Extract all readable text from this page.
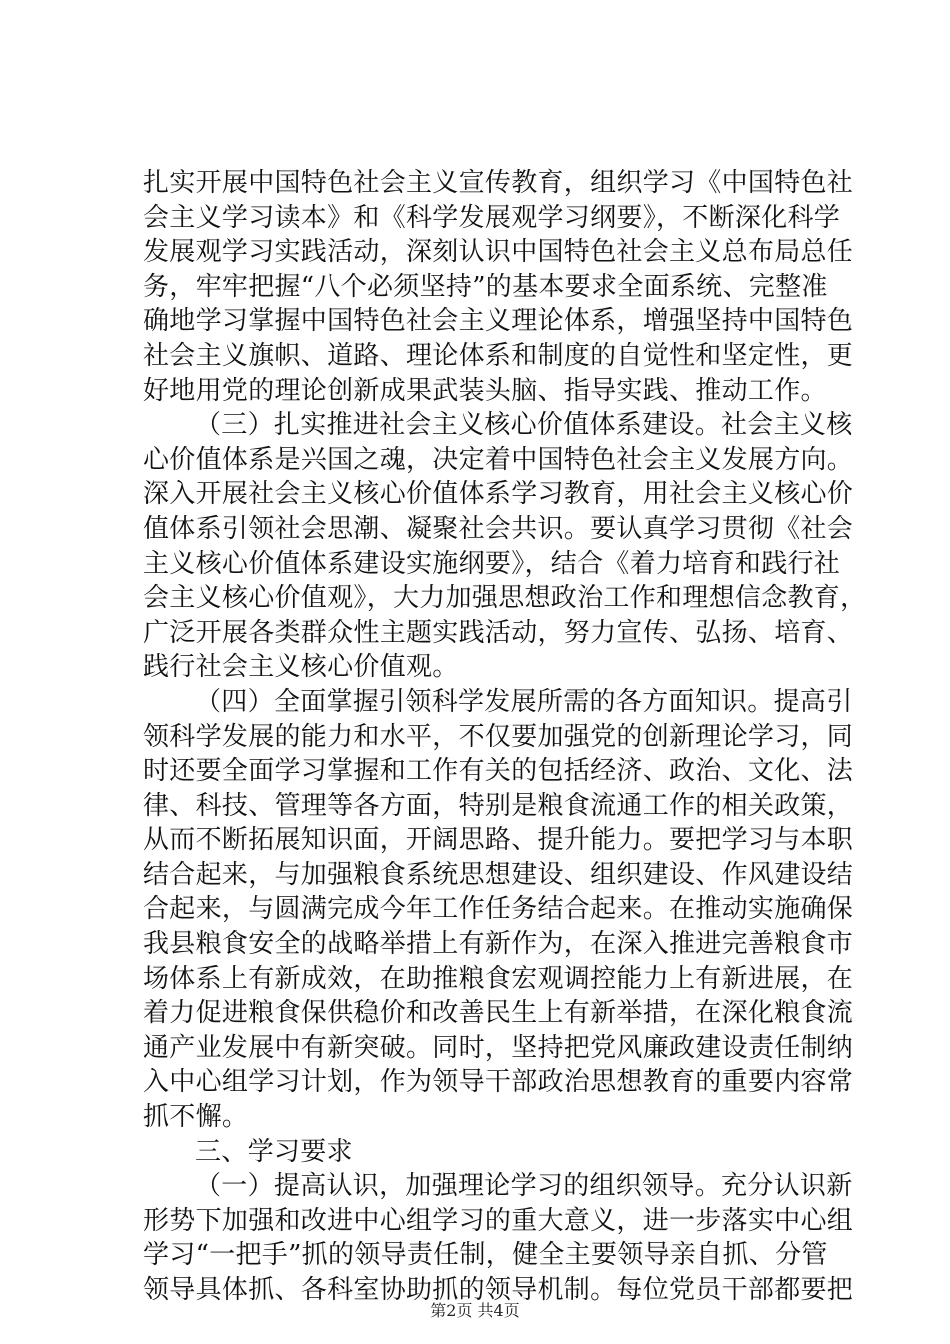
扎实开展中国特色社会主义宣传教育，组织学习《中国特色社
会主义学习读本》和《科学发展观学习纲要》，不断深化科学
发展观学习实践活动，深刻认识中国特色社会主义总布局总任
务，牢牢把握“八个必须坚持”的基本要求全面系统、完整准
确地学习掌握中国特色社会主义理论体系，增强坚持中国特色
社会主义旗帜、道路、理论体系和制度的自觉性和坚定性，更
好地用党的理论创新成果武装头脑、指导实践、推动工作。
（三）扎实推进社会主义核心价值体系建设。社会主义核
心价值体系是兴国之魂，决定着中国特色社会主义发展方向。
深入开展社会主义核心价值体系学习教育，用社会主义核心价
值体系引领社会思潮、凝聚社会共识。要认真学习贯彻《社会
主义核心价值体系建设实施纲要》，结合《着力培育和践行社
会主义核心价值观》，大力加强思想政治工作和理想信念教育，
广泛开展各类群众性主题实践活动，努力宣传、弘扬、培育、
践行社会主义核心价值观。
（四）全面掌握引领科学发展所需的各方面知识。提高引
领科学发展的能力和水平，不仅要加强党的创新理论学习，同
时还要全面学习掌握和工作有关的包括经济、政治、文化、法
律、科技、管理等各方面，特别是粮食流通工作的相关政策，
从而不断拓展知识面，开阔思路、提升能力。要把学习与本职
结合起来，与加强粮食系统思想建设、组织建设、作风建设结
合起来，与圆满完成今年工作任务结合起来。在推动实施确保
我县粮食安全的战略举措上有新作为，在深入推进完善粮食市
场体系上有新成效，在助推粮食宏观调控能力上有新进展，在
着力促进粮食保供稳价和改善民生上有新举措，在深化粮食流
通产业发展中有新突破。同时，坚持把党风廉政建设责任制纳
入中心组学习计划，作为领导干部政治思想教育的重要内容常
抓不懈。
三、学习要求
（一）提高认识，加强理论学习的组织领导。充分认识新
形势下加强和改进中心组学习的重大意义，进一步落实中心组
学习“一把手”抓的领导责任制，健全主要领导亲自抓、分管
领导具体抓、各科室协助抓的领导机制。每位党员干部都要把
第2页 共4页
